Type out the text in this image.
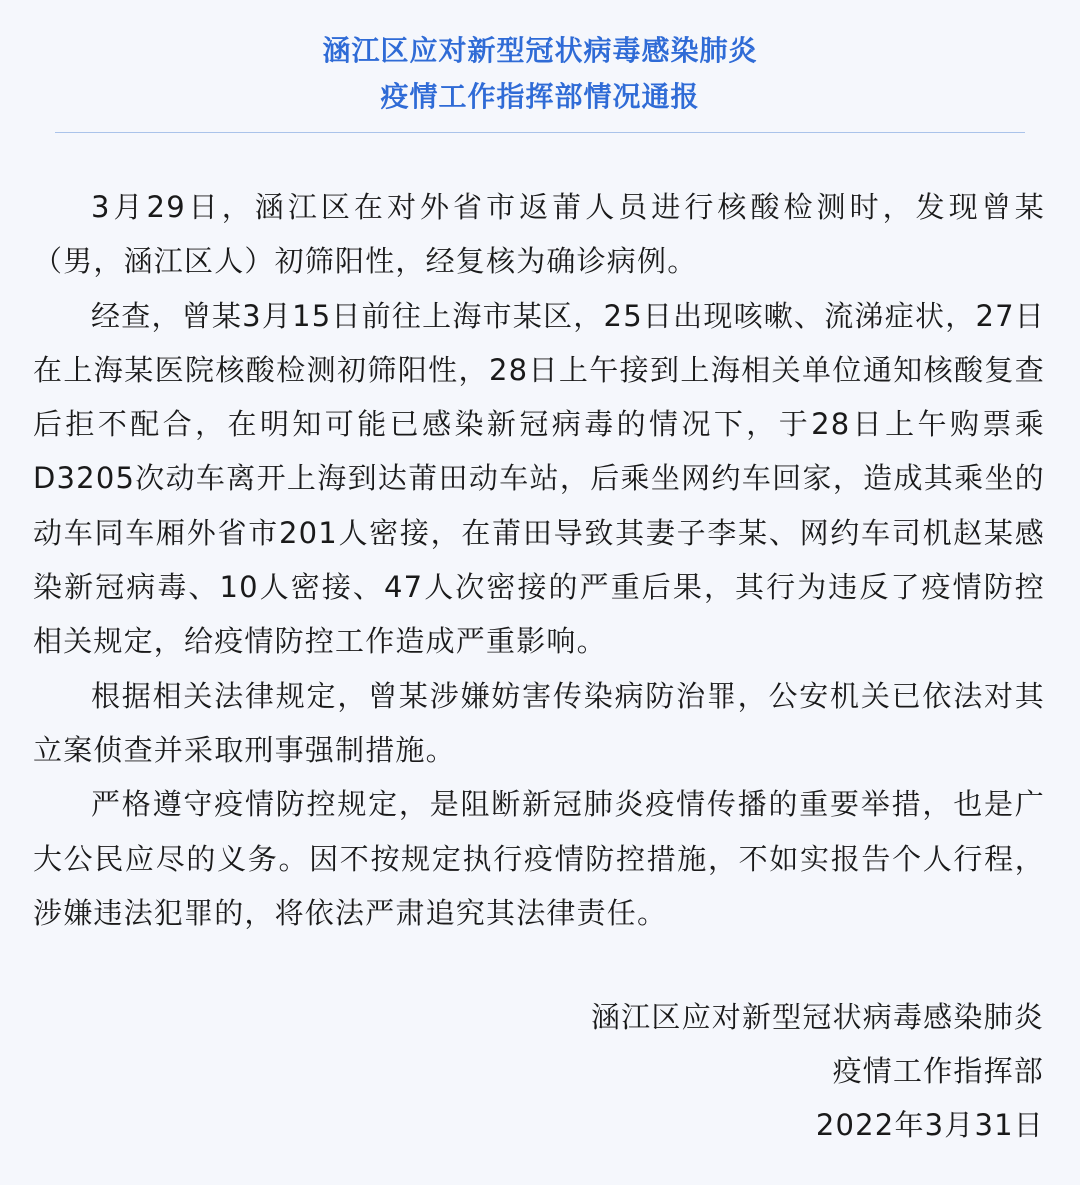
涵江区应对新型冠状病毒感染肺炎
疫情工作指挥部情况通报

3月29日，涵江区在对外省市返莆人员进行核酸检测时，发现曾某（男，涵江区人）初筛阳性，经复核为确诊病例。

经查，曾某3月15日前往上海市某区，25日出现咳嗽、流涕症状，27日在上海某医院核酸检测初筛阳性，28日上午接到上海相关单位通知核酸复查后拒不配合，在明知可能已感染新冠病毒的情况下，于28日上午购票乘D3205次动车离开上海到达莆田动车站，后乘坐网约车回家，造成其乘坐的动车同车厢外省市201人密接，在莆田导致其妻子李某、网约车司机赵某感染新冠病毒、10人密接、47人次密接的严重后果，其行为违反了疫情防控相关规定，给疫情防控工作造成严重影响。

根据相关法律规定，曾某涉嫌妨害传染病防治罪，公安机关已依法对其立案侦查并采取刑事强制措施。

严格遵守疫情防控规定，是阻断新冠肺炎疫情传播的重要举措，也是广大公民应尽的义务。因不按规定执行疫情防控措施，不如实报告个人行程，涉嫌违法犯罪的，将依法严肃追究其法律责任。

涵江区应对新型冠状病毒感染肺炎
疫情工作指挥部
2022年3月31日
